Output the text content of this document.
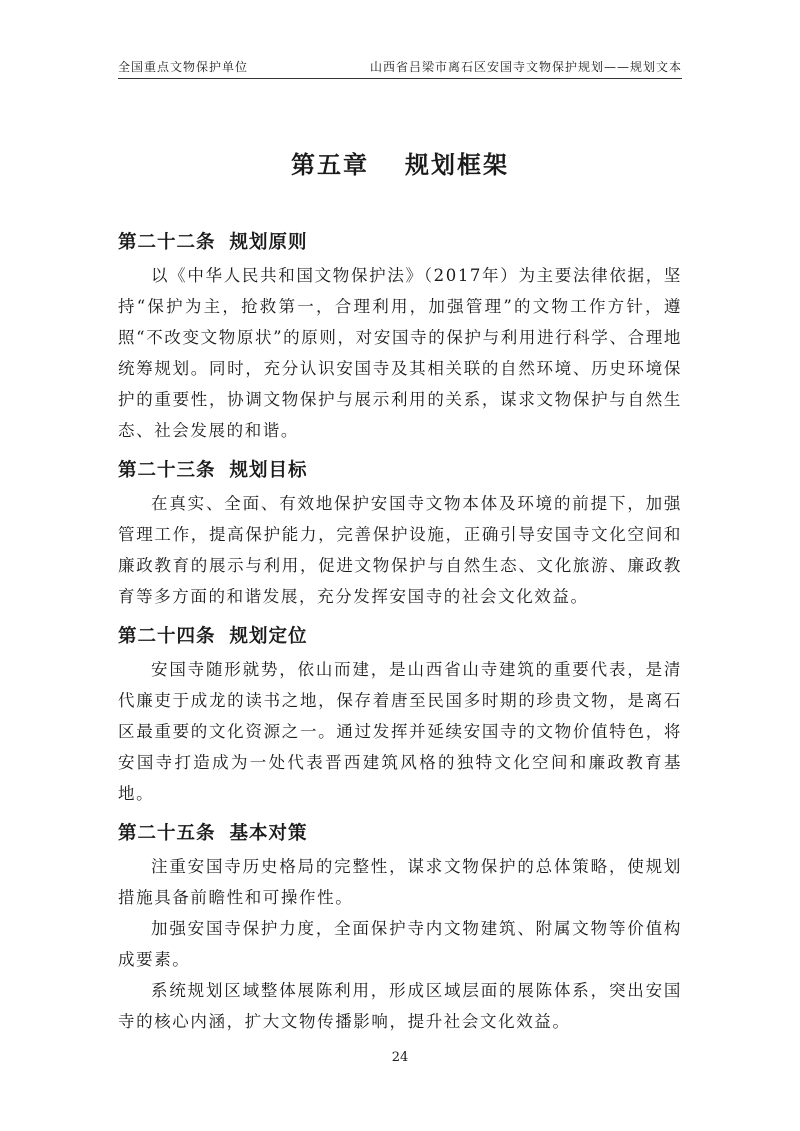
全国重点文物保护单位	山西省吕梁市离石区安国寺文物保护规划——规划文本
第五章 规划框架
第二十二条 规划原则

以《中华人民共和国文物保护法》（2017年）为主要法律依据，坚持“保护为主，抢救第一，合理利用，加强管理”的文物工作方针，遵照“不改变文物原状”的原则，对安国寺的保护与利用进行科学、合理地统筹规划。同时，充分认识安国寺及其相关联的自然环境、历史环境保护的重要性，协调文物保护与展示利用的关系，谋求文物保护与自然生态、社会发展的和谐。

第二十三条 规划目标

在真实、全面、有效地保护安国寺文物本体及环境的前提下，加强管理工作，提高保护能力，完善保护设施，正确引导安国寺文化空间和廉政教育的展示与利用，促进文物保护与自然生态、文化旅游、廉政教育等多方面的和谐发展，充分发挥安国寺的社会文化效益。

第二十四条 规划定位

安国寺随形就势，依山而建，是山西省山寺建筑的重要代表，是清代廉吏于成龙的读书之地，保存着唐至民国多时期的珍贵文物，是离石区最重要的文化资源之一。通过发挥并延续安国寺的文物价值特色，将安国寺打造成为一处代表晋西建筑风格的独特文化空间和廉政教育基地。

第二十五条 基本对策

注重安国寺历史格局的完整性，谋求文物保护的总体策略，使规划措施具备前瞻性和可操作性。

加强安国寺保护力度，全面保护寺内文物建筑、附属文物等价值构成要素。

系统规划区域整体展陈利用，形成区域层面的展陈体系，突出安国寺的核心内涵，扩大文物传播影响，提升社会文化效益。

24
